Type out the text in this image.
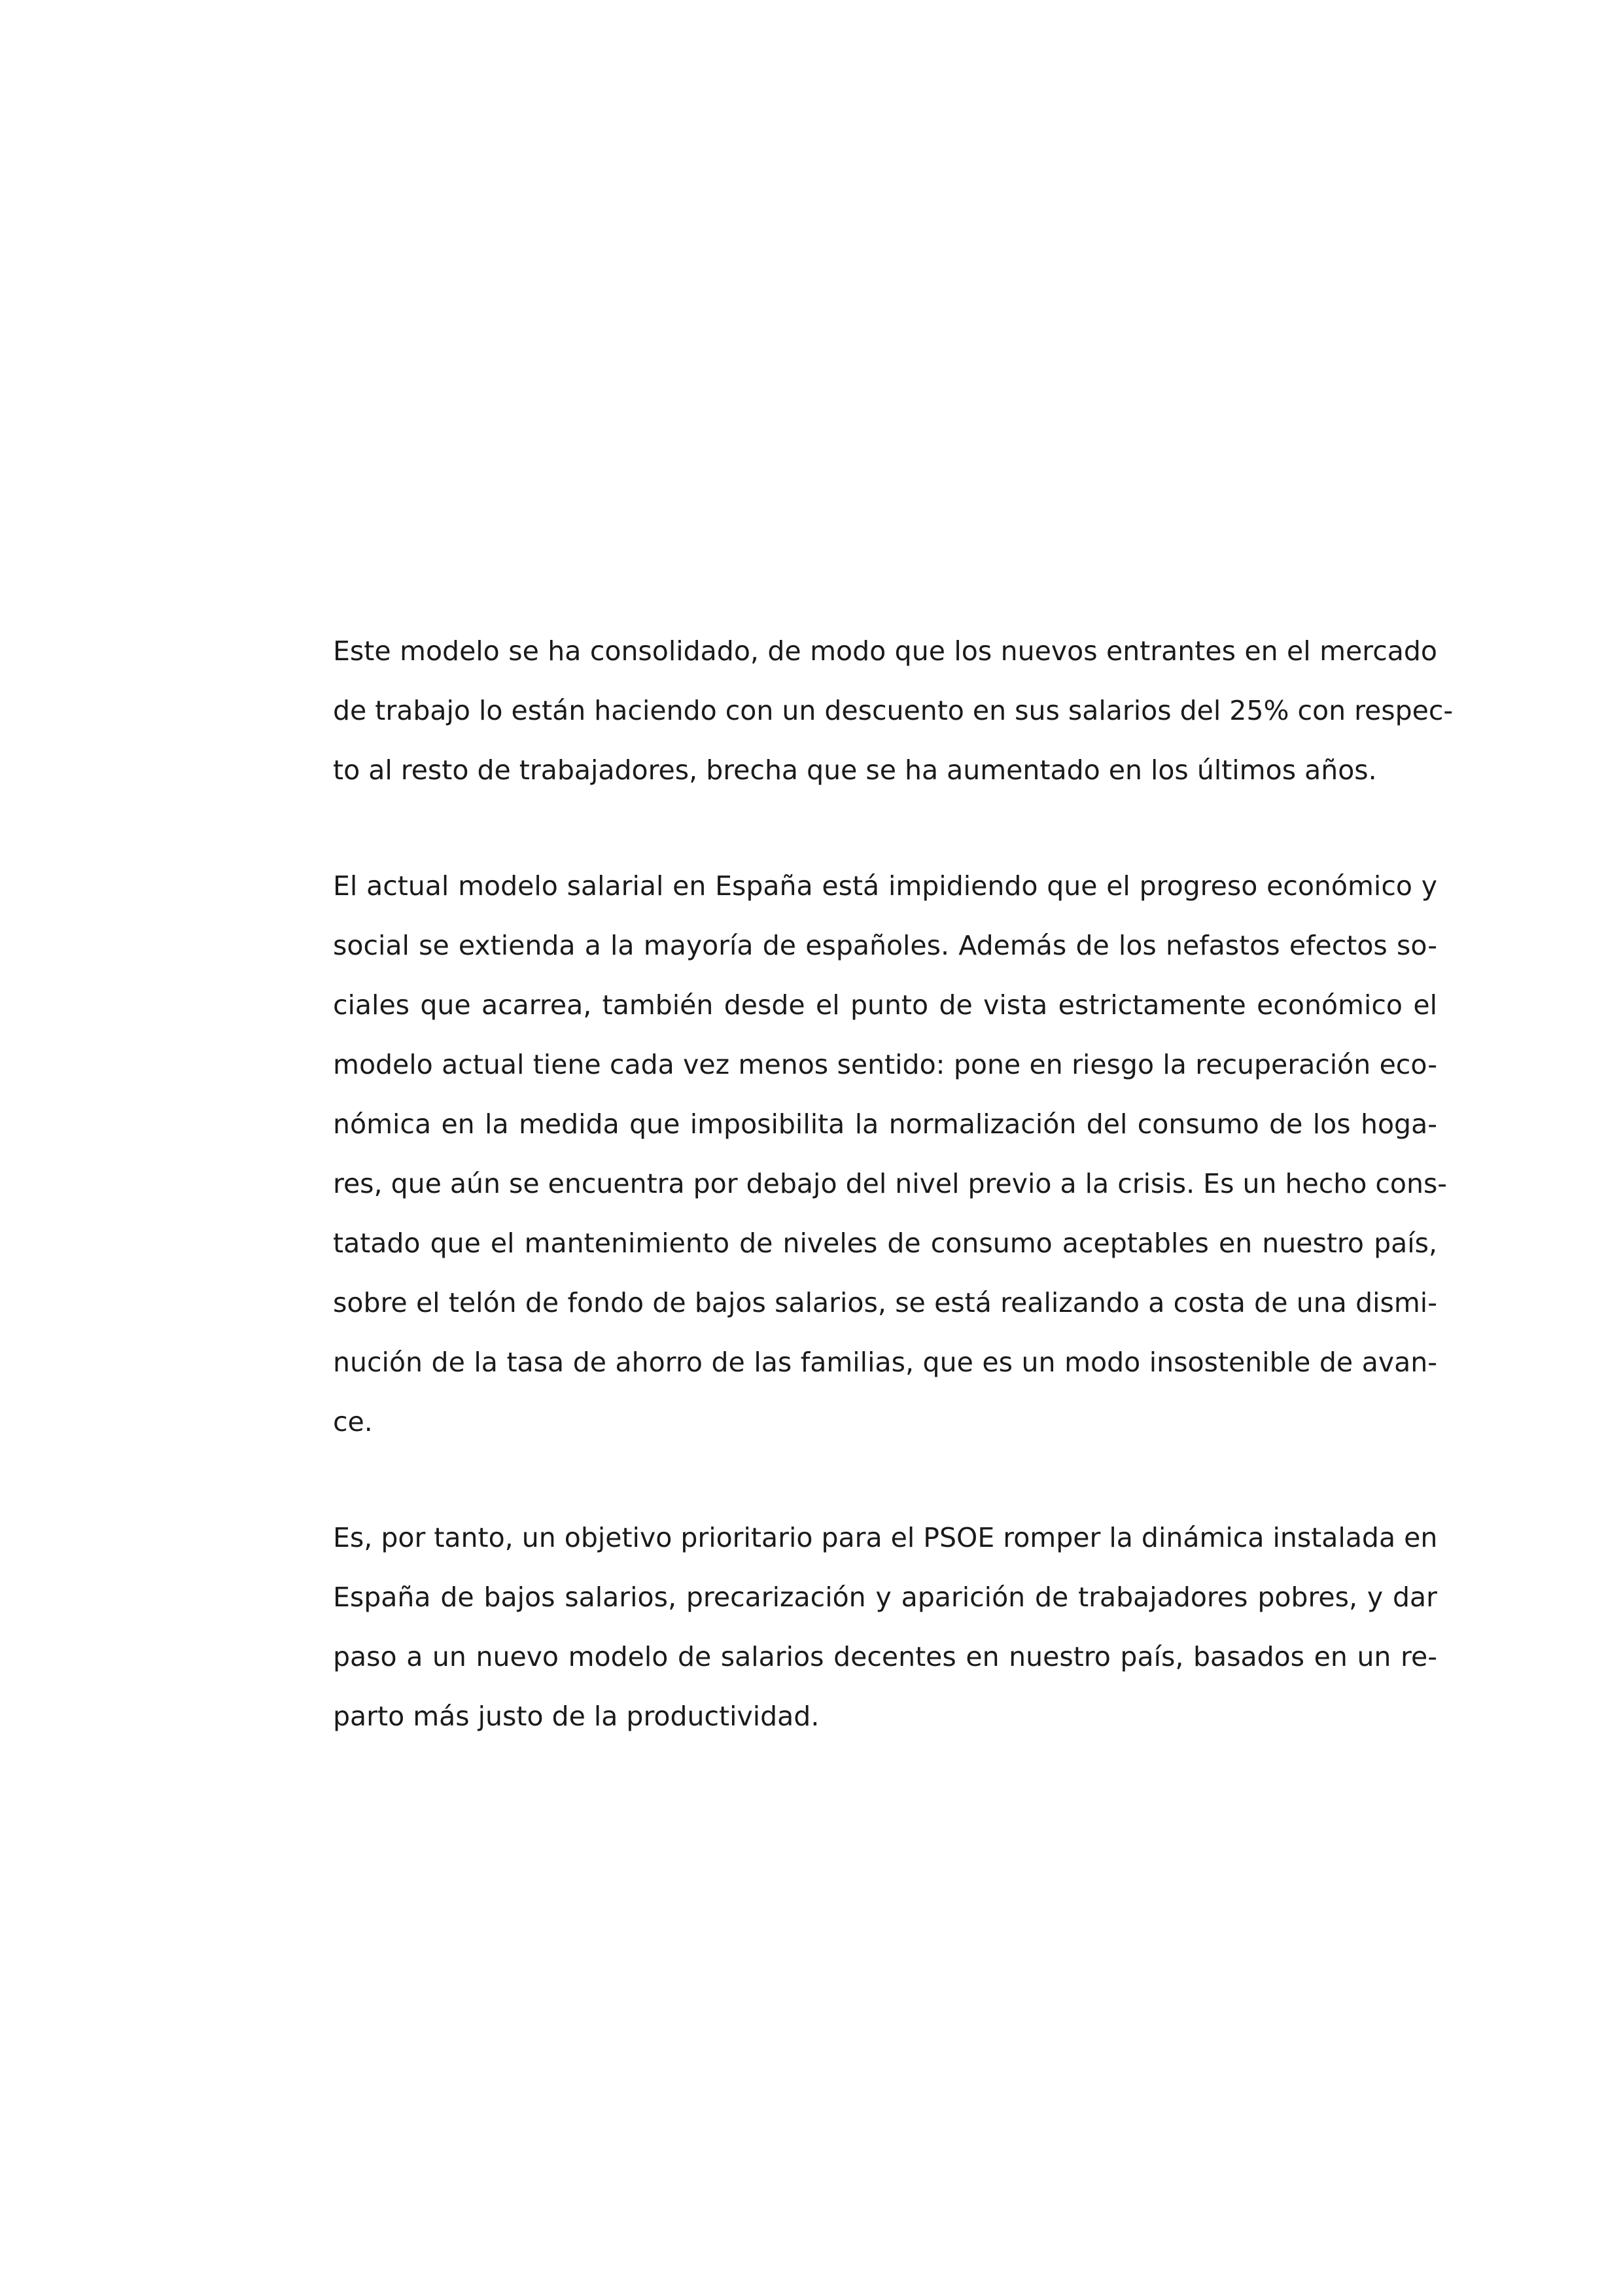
Este modelo se ha consolidado, de modo que los nuevos entrantes en el mercado
de trabajo lo están haciendo con un descuento en sus salarios del 25% con respec-
to al resto de trabajadores, brecha que se ha aumentado en los últimos años.
El actual modelo salarial en España está impidiendo que el progreso económico y
social se extienda a la mayoría de españoles. Además de los nefastos efectos so-
ciales que acarrea, también desde el punto de vista estrictamente económico el
modelo actual tiene cada vez menos sentido: pone en riesgo la recuperación eco-
nómica en la medida que imposibilita la normalización del consumo de los hoga-
res, que aún se encuentra por debajo del nivel previo a la crisis. Es un hecho cons-
tatado que el mantenimiento de niveles de consumo aceptables en nuestro país,
sobre el telón de fondo de bajos salarios, se está realizando a costa de una dismi-
nución de la tasa de ahorro de las familias, que es un modo insostenible de avan-
ce.
Es, por tanto, un objetivo prioritario para el PSOE romper la dinámica instalada en
España de bajos salarios, precarización y aparición de trabajadores pobres, y dar
paso a un nuevo modelo de salarios decentes en nuestro país, basados en un re-
parto más justo de la productividad.
